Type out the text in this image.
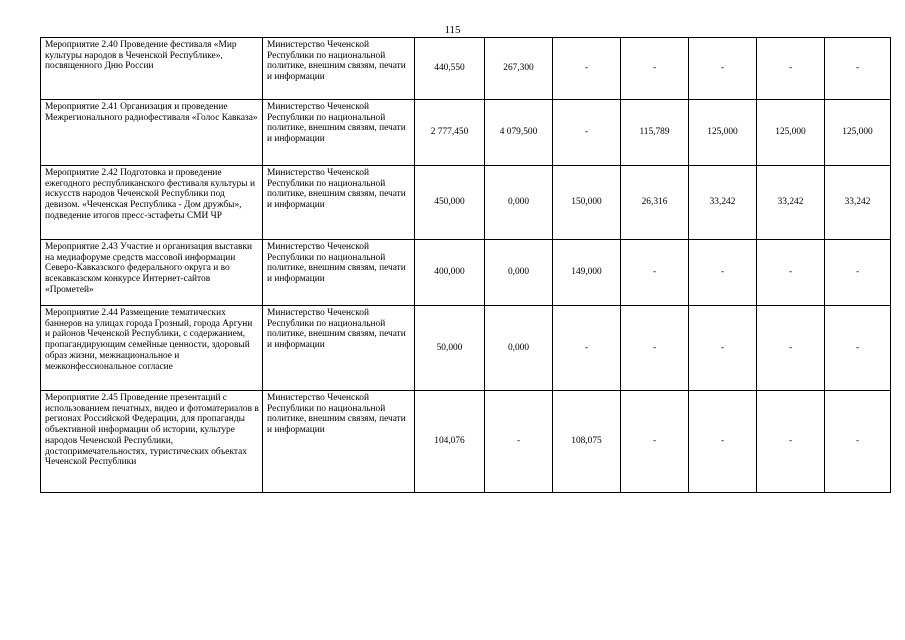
115
Мероприятие 2.40 Проведение фестиваля «Мир культуры народов в Чеченской Республике», посвященного Дню России	Министерство Чеченской Республики по национальной политике, внешним связям, печати и информации	440,550	267,300	-	-	-	-	-
Мероприятие 2.41 Организация и проведение Межрегионального радиофестиваля «Голос Кавказа»	Министерство Чеченской Республики по национальной политике, внешним связям, печати и информации	2 777,450	4 079,500	-	115,789	125,000	125,000	125,000
Мероприятие 2.42 Подготовка и проведение ежегодного республиканского фестиваля культуры и искусств народов Чеченской Республики под девизом. «Чеченская Республика - Дом дружбы», подведение итогов пресс-эстафеты СМИ ЧР	Министерство Чеченской Республики по национальной политике, внешним связям, печати и информации	450,000	0,000	150,000	26,316	33,242	33,242	33,242
Мероприятие 2.43 Участие и организация выставки на медиафоруме средств массовой информации Северо-Кавказского федерального округа и во всекавказском конкурсе Интернет-сайтов «Прометей»	Министерство Чеченской Республики по национальной политике, внешним связям, печати и информации	400,000	0,000	149,000	-	-	-	-
Мероприятие 2.44 Размещение тематических баннеров на улицах города Грозный, города Аргуни и районов Чеченской Республики, с содержанием, пропагандирующим семейные ценности, здоровый образ жизни, межнациональное и межконфессиональное согласие	Министерство Чеченской Республики по национальной политике, внешним связям, печати и информации	50,000	0,000	-	-	-	-	-
Мероприятие 2.45 Проведение презентаций с использованием печатных, видео и фотоматериалов в регионах Российской Федерации, для пропаганды объективной информации об истории, культуре народов Чеченской Республики, достопримечательностях, туристических объектах Чеченской Республики	Министерство Чеченской Республики по национальной политике, внешним связям, печати и информации	104,076	-	108,075	-	-	-	-
